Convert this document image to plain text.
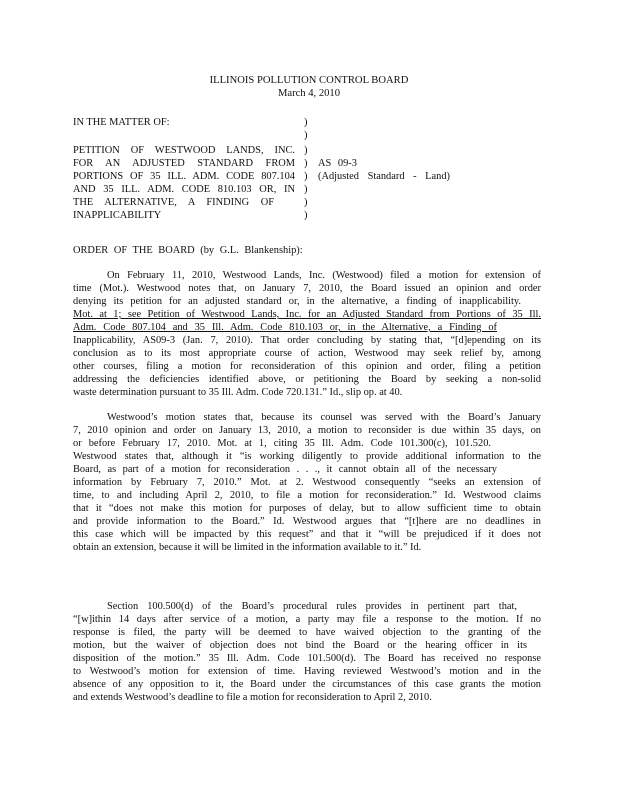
ILLINOIS POLLUTION CONTROL BOARD
March 4, 2010
IN THE MATTER OF:
PETITION OF WESTWOOD LANDS, INC.
FOR AN ADJUSTED STANDARD FROM
PORTIONS OF 35 ILL. ADM. CODE 807.104
AND 35 ILL. ADM. CODE 810.103 OR, IN
THE ALTERNATIVE, A FINDING OF
INAPPLICABILITY
)
)
)
)
)
)
)
)
AS 09-3
(Adjusted Standard - Land)
ORDER OF THE BOARD (by G.L. Blankenship):
On February 11, 2010, Westwood Lands, Inc. (Westwood) filed a motion for extension of
time (Mot.). Westwood notes that, on January 7, 2010, the Board issued an opinion and order
denying its petition for an adjusted standard or, in the alternative, a finding of inapplicability.
Mot. at 1; see Petition of Westwood Lands, Inc. for an Adjusted Standard from Portions of 35 Ill.
Adm. Code 807.104 and 35 Ill. Adm. Code 810.103 or, in the Alternative, a Finding of
Inapplicability, AS09-3 (Jan. 7, 2010). That order concluding by stating that, “[d]epending on its
conclusion as to its most appropriate course of action, Westwood may seek relief by, among
other courses, filing a motion for reconsideration of this opinion and order, filing a petition
addressing the deficiencies identified above, or petitioning the Board by seeking a non-solid
waste determination pursuant to 35 Ill. Adm. Code 720.131.” Id., slip op. at 40.
Westwood’s motion states that, because its counsel was served with the Board’s January
7, 2010 opinion and order on January 13, 2010, a motion to reconsider is due within 35 days, on
or before February 17, 2010. Mot. at 1, citing 35 Ill. Adm. Code 101.300(c), 101.520.
Westwood states that, although it “is working diligently to provide additional information to the
Board, as part of a motion for reconsideration . . ., it cannot obtain all of the necessary
information by February 7, 2010.” Mot. at 2. Westwood consequently “seeks an extension of
time, to and including April 2, 2010, to file a motion for reconsideration.” Id. Westwood claims
that it “does not make this motion for purposes of delay, but to allow sufficient time to obtain
and provide information to the Board.” Id. Westwood argues that “[t]here are no deadlines in
this case which will be impacted by this request” and that it “will be prejudiced if it does not
obtain an extension, because it will be limited in the information available to it.” Id.
Section 100.500(d) of the Board’s procedural rules provides in pertinent part that,
“[w]ithin 14 days after service of a motion, a party may file a response to the motion. If no
response is filed, the party will be deemed to have waived objection to the granting of the
motion, but the waiver of objection does not bind the Board or the hearing officer in its
disposition of the motion.” 35 Ill. Adm. Code 101.500(d). The Board has received no response
to Westwood’s motion for extension of time. Having reviewed Westwood’s motion and in the
absence of any opposition to it, the Board under the circumstances of this case grants the motion
and extends Westwood’s deadline to file a motion for reconsideration to April 2, 2010.
